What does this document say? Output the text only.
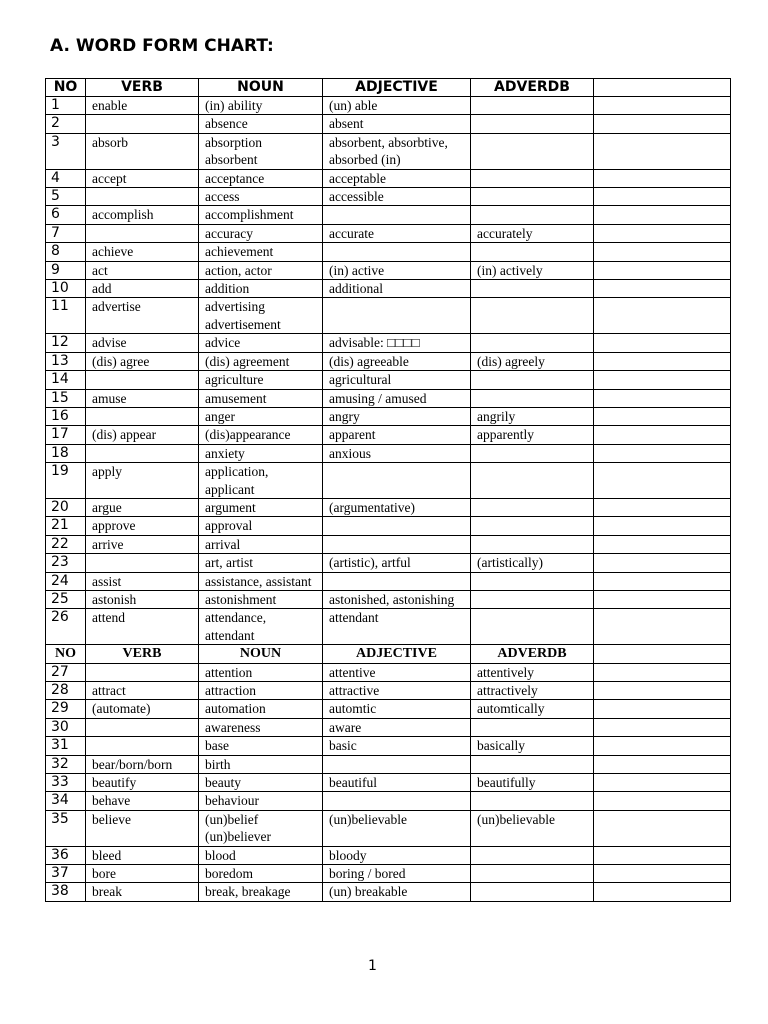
A. WORD FORM CHART:
NO	VERB	NOUN	ADJECTIVE	ADVERDB	
1	enable	(in) ability	(un) able		
2		absence	absent		
3	absorb	absorption absorbent	absorbent, absorbtive, absorbed (in)		
4	accept	acceptance	acceptable		
5		access	accessible		
6	accomplish	accomplishment			
7		accuracy	accurate	accurately	
8	achieve	achievement			
9	act	action, actor	(in) active	(in) actively	
10	add	addition	additional		
11	advertise	advertising advertisement			
12	advise	advice	advisable: □□□□		
13	(dis) agree	(dis) agreement	(dis) agreeable	(dis) agreely	
14		agriculture	agricultural		
15	amuse	amusement	amusing / amused		
16		anger	angry	angrily	
17	(dis) appear	(dis)appearance	apparent	apparently	
18		anxiety	anxious		
19	apply	application, applicant			
20	argue	argument	(argumentative)		
21	approve	approval			
22	arrive	arrival			
23		art, artist	(artistic), artful	(artistically)	
24	assist	assistance, assistant			
25	astonish	astonishment	astonished, astonishing		
26	attend	attendance, attendant	attendant		
NO	VERB	NOUN	ADJECTIVE	ADVERDB	
27		attention	attentive	attentively	
28	attract	attraction	attractive	attractively	
29	(automate)	automation	automtic	automtically	
30		awareness	aware		
31		base	basic	basically	
32	bear/born/born	birth			
33	beautify	beauty	beautiful	beautifully	
34	behave	behaviour			
35	believe	(un)belief (un)believer	(un)believable	(un)believable	
36	bleed	blood	bloody		
37	bore	boredom	boring / bored		
38	break	break, breakage	(un) breakable		
1
